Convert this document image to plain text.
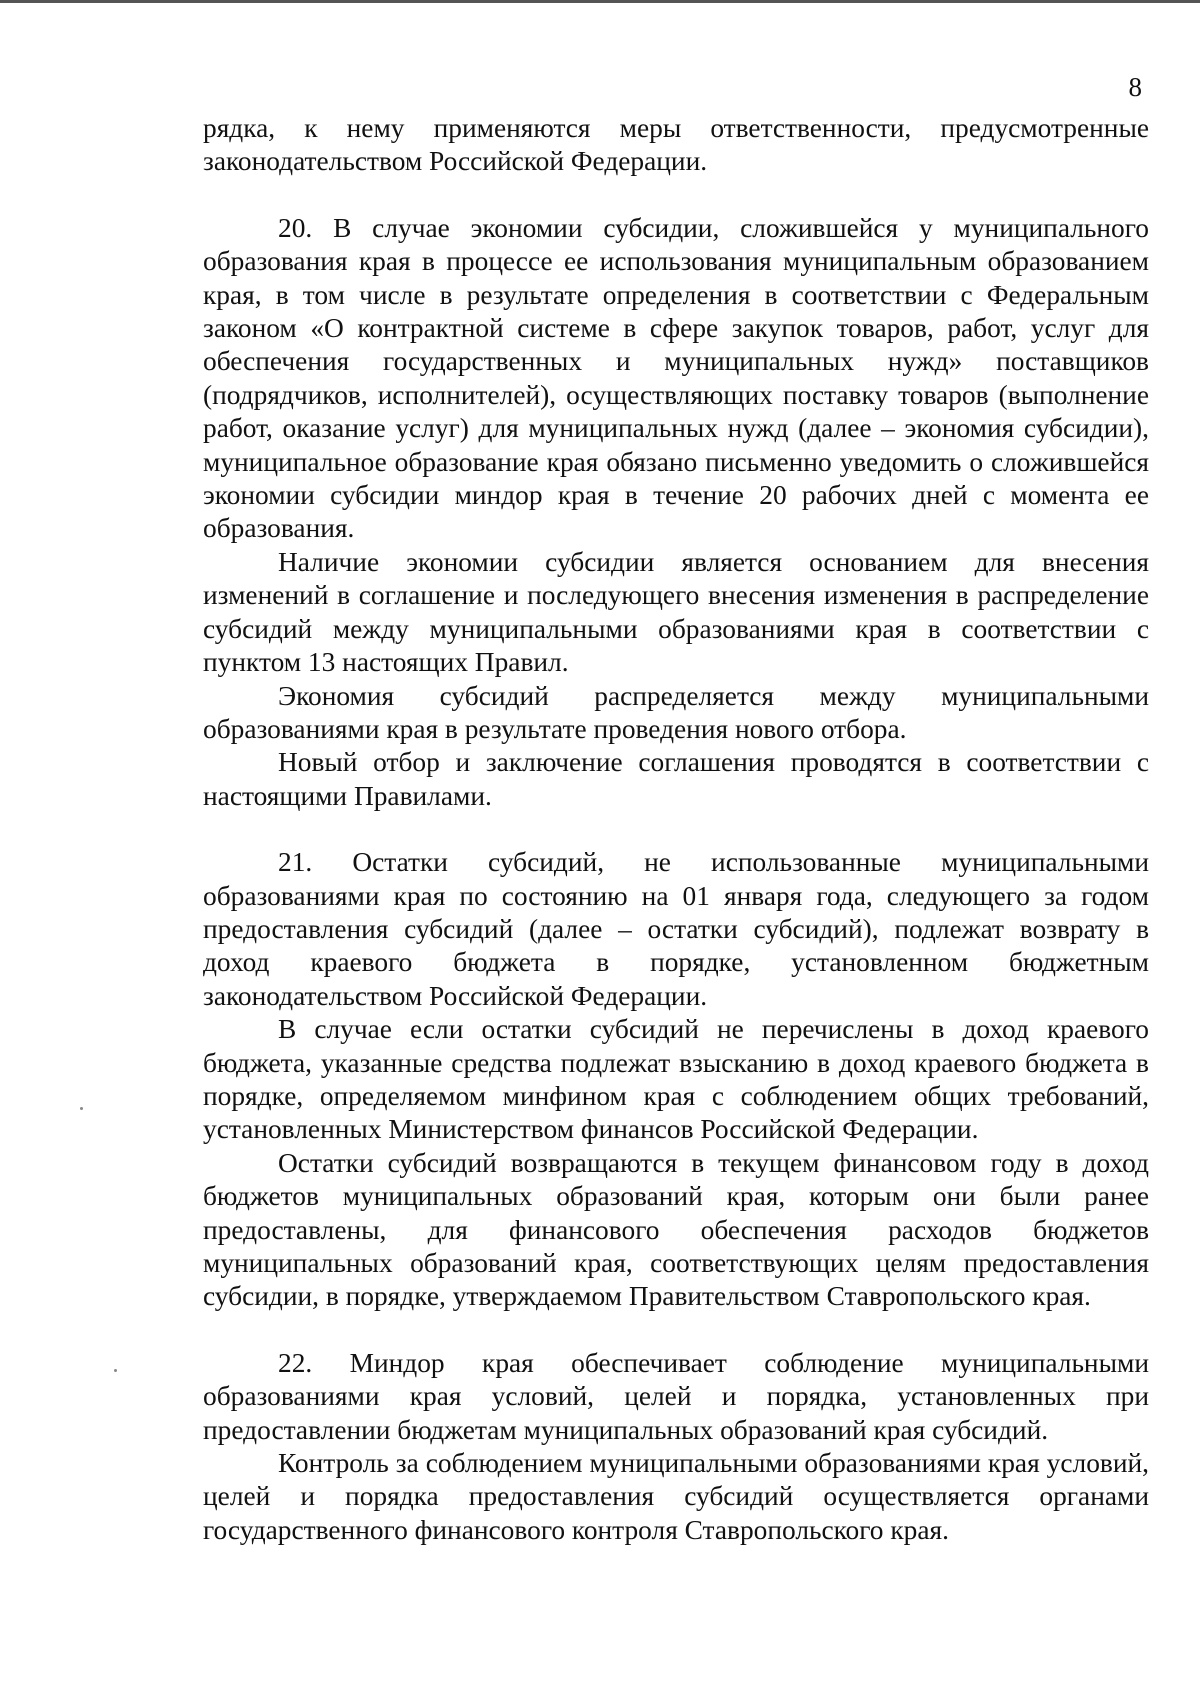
8

рядка, к нему применяются меры ответственности, предусмотренные законодательством Российской Федерации.

20. В случае экономии субсидии, сложившейся у муниципального образования края в процессе ее использования муниципальным образованием края, в том числе в результате определения в соответствии с Федеральным законом «О контрактной системе в сфере закупок товаров, работ, услуг для обеспечения государственных и муниципальных нужд» поставщиков (подрядчиков, исполнителей), осуществляющих поставку товаров (выполнение работ, оказание услуг) для муниципальных нужд (далее – экономия субсидии), муниципальное образование края обязано письменно уведомить о сложившейся экономии субсидии миндор края в течение 20 рабочих дней с момента ее образования.

Наличие экономии субсидии является основанием для внесения изменений в соглашение и последующего внесения изменения в распределение субсидий между муниципальными образованиями края в соответствии с пунктом 13 настоящих Правил.

Экономия субсидий распределяется между муниципальными образованиями края в результате проведения нового отбора.

Новый отбор и заключение соглашения проводятся в соответствии с настоящими Правилами.

21. Остатки субсидий, не использованные муниципальными образованиями края по состоянию на 01 января года, следующего за годом предоставления субсидий (далее – остатки субсидий), подлежат возврату в доход краевого бюджета в порядке, установленном бюджетным законодательством Российской Федерации.

В случае если остатки субсидий не перечислены в доход краевого бюджета, указанные средства подлежат взысканию в доход краевого бюджета в порядке, определяемом минфином края с соблюдением общих требований, установленных Министерством финансов Российской Федерации.

Остатки субсидий возвращаются в текущем финансовом году в доход бюджетов муниципальных образований края, которым они были ранее предоставлены, для финансового обеспечения расходов бюджетов муниципальных образований края, соответствующих целям предоставления субсидии, в порядке, утверждаемом Правительством Ставропольского края.

22. Миндор края обеспечивает соблюдение муниципальными образованиями края условий, целей и порядка, установленных при предоставлении бюджетам муниципальных образований края субсидий.

Контроль за соблюдением муниципальными образованиями края условий, целей и порядка предоставления субсидий осуществляется органами государственного финансового контроля Ставропольского края.
